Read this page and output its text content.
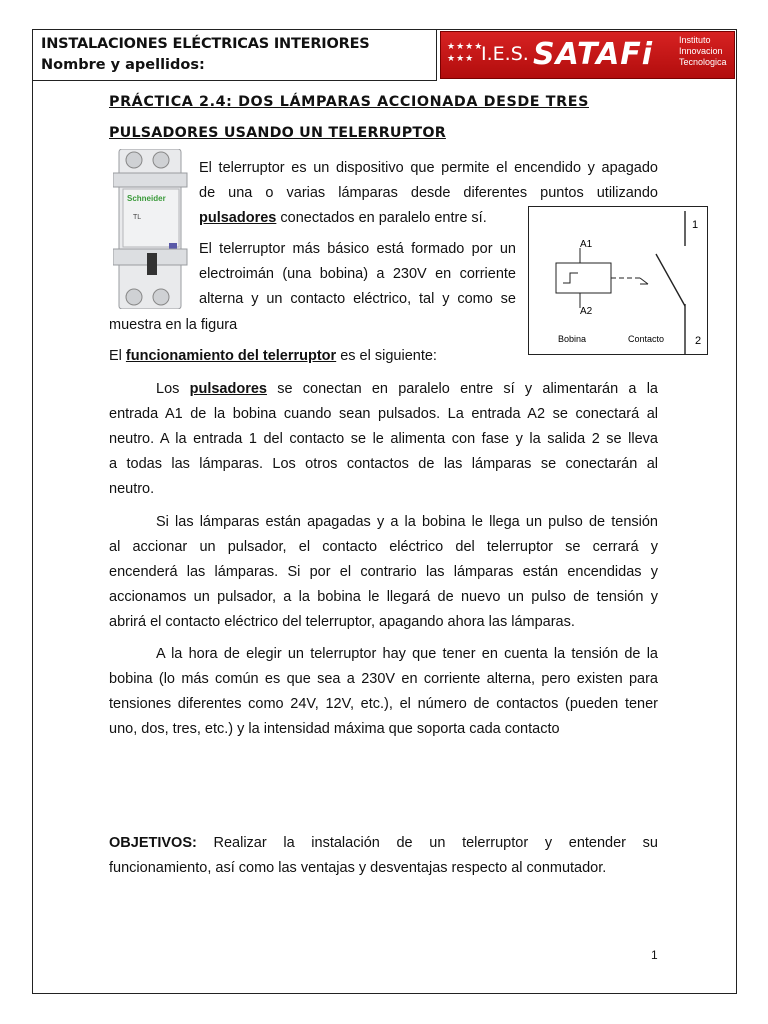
INSTALACIONES ELÉCTRICAS INTERIORES
Nombre y apellidos:
★★★★ ★★★ I.E.S. SATAFi	Instituto
Innovacion
Tecnologica
PRÁCTICA 2.4: DOS LÁMPARAS ACCIONADA DESDE TRES
PULSADORES USANDO UN TELERRUPTOR
Schneider
TL
El telerruptor es un dispositivo que permite el encendido y apagado
de una o varias lámparas desde diferentes puntos utilizando
pulsadores conectados en paralelo entre sí.
El telerruptor más básico está formado por un
electroimán (una bobina) a 230V en corriente
alterna y un contacto eléctrico, tal y como se
muestra en la figura
El funcionamiento del telerruptor es el siguiente:
A1
A2
1
2
Bobina	Contacto
Los pulsadores se conectan en paralelo entre sí y alimentarán a la
entrada A1 de la bobina cuando sean pulsados. La entrada A2 se conectará al
neutro. A la entrada 1 del contacto se le alimenta con fase y la salida 2 se lleva
a todas las lámparas. Los otros contactos de las lámparas se conectarán al
neutro.
Si las lámparas están apagadas y a la bobina le llega un pulso de tensión
al accionar un pulsador, el contacto eléctrico del telerruptor se cerrará y
encenderá las lámparas. Si por el contrario las lámparas están encendidas y
accionamos un pulsador, a la bobina le llegará de nuevo un pulso de tensión y
abrirá el contacto eléctrico del telerruptor, apagando ahora las lámparas.
A la hora de elegir un telerruptor hay que tener en cuenta la tensión de la
bobina (lo más común es que sea a 230V en corriente alterna, pero existen para
tensiones diferentes como 24V, 12V, etc.), el número de contactos (pueden tener
uno, dos, tres, etc.) y la intensidad máxima que soporta cada contacto
OBJETIVOS: Realizar la instalación de un telerruptor y entender su
funcionamiento, así como las ventajas y desventajas respecto al conmutador.
1
